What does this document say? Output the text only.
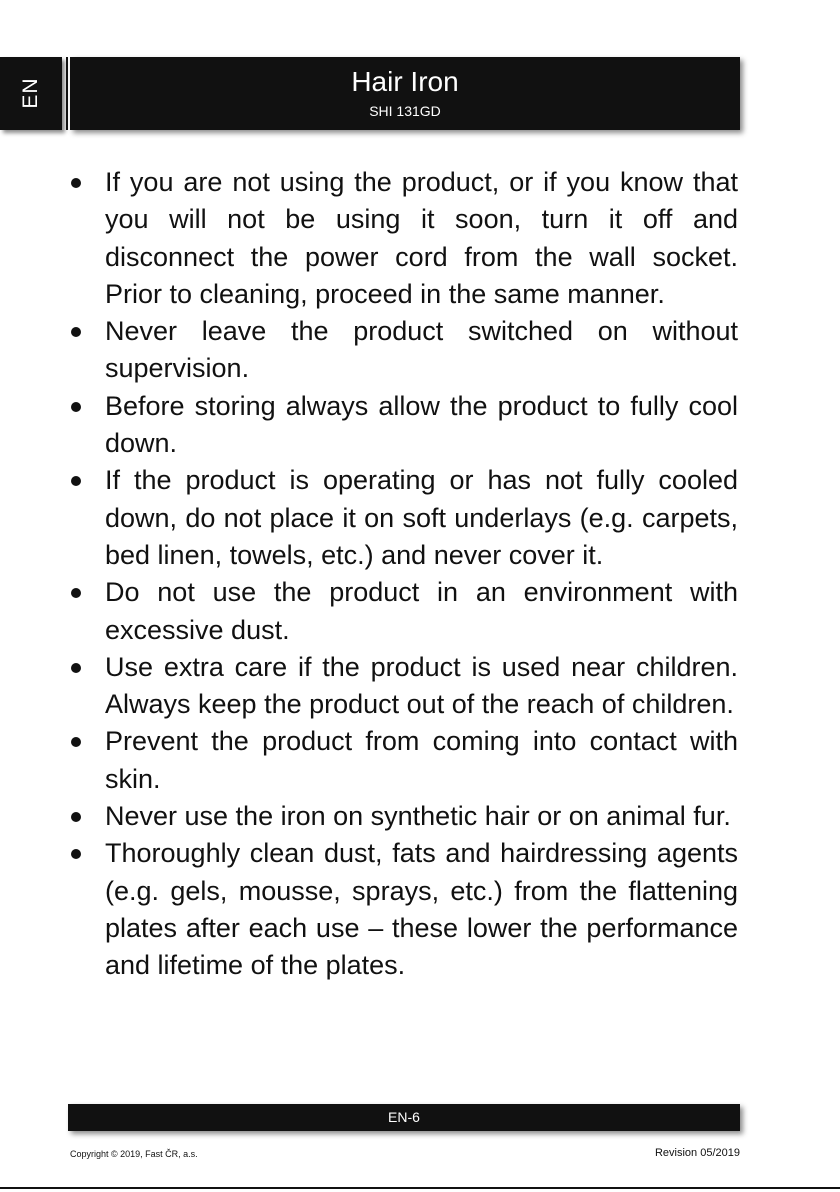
EN	Hair Iron
SHI 131GD
If you are not using the product, or if you know that you will not be using it soon, turn it off and disconnect the power cord from the wall socket. Prior to cleaning, proceed in the same manner.
Never leave the product switched on without supervision.
Before storing always allow the product to fully cool down.
If the product is operating or has not fully cooled down, do not place it on soft underlays (e.g. carpets, bed linen, towels, etc.) and never cover it.
Do not use the product in an environment with excessive dust.
Use extra care if the product is used near children. Always keep the product out of the reach of children.
Prevent the product from coming into contact with skin.
Never use the iron on synthetic hair or on animal fur.
Thoroughly clean dust, fats and hairdressing agents (e.g. gels, mousse, sprays, etc.) from the flattening plates after each use – these lower the performance and lifetime of the plates.
EN-6
Copyright © 2019, Fast ČR, a.s.	Revision 05/2019
